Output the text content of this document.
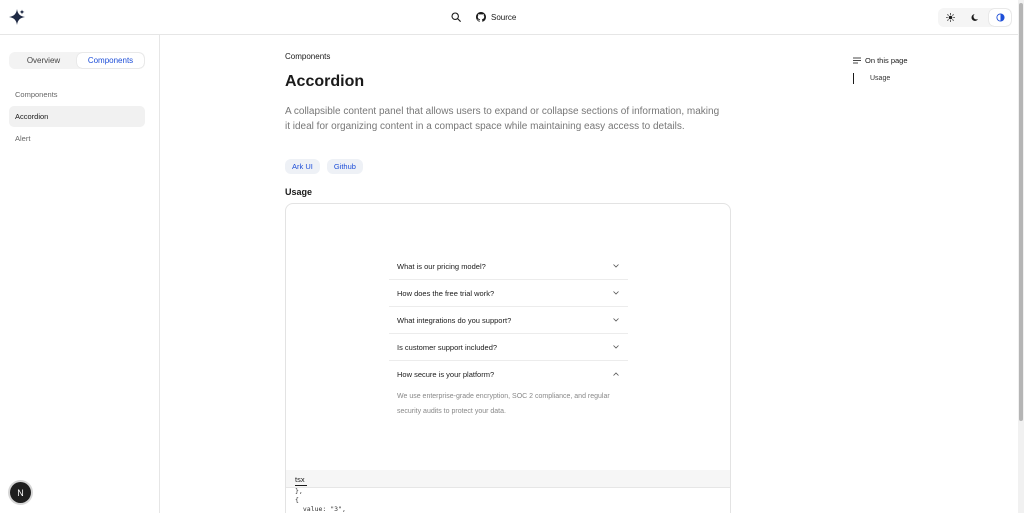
Source
Overview	Components
Components
Accordion
Alert
N
Components
Accordion
A collapsible content panel that allows users to expand or collapse sections of information, making it ideal for organizing content in a compact space while maintaining easy access to details.
Ark UI	Github
Usage
What is our pricing model?
How does the free trial work?
What integrations do you support?
Is customer support included?
How secure is your platform?
We use enterprise-grade encryption, SOC 2 compliance, and regular security audits to protect your data.
tsx
},
{
value: "3",
On this page
Usage
